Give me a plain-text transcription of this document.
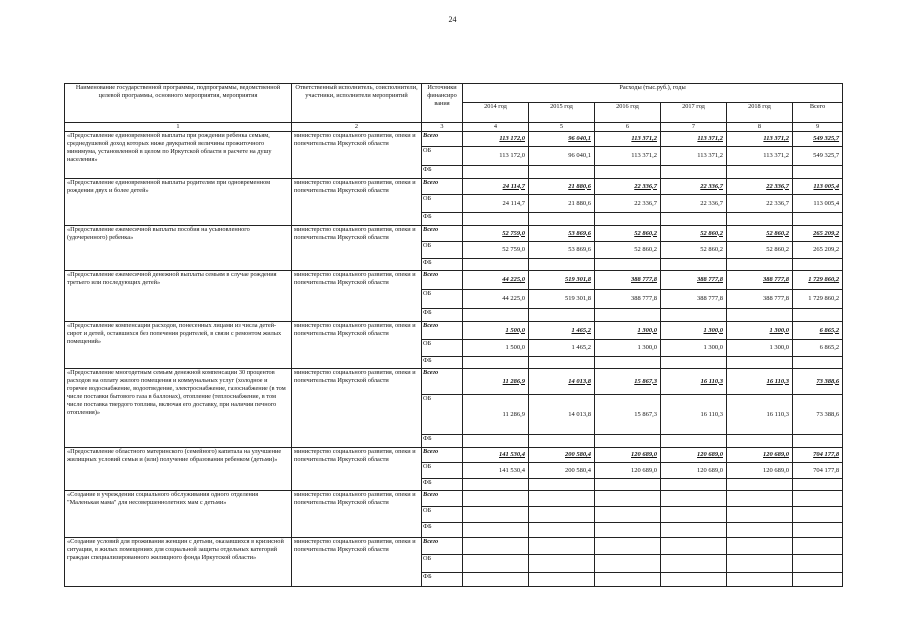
24
Наименование государственной программы, подпрограммы, ведомственной целевой программы, основного мероприятия, мероприятия	Ответственный исполнитель, соисполнители, участники, исполнители мероприятий	Источники финансиро вания	Расходы (тыс.руб.), годы					
			2014 год	2015 год	2016 год	2017 год	2018 год	Всего
1	2	3	4	5	6	7	8	9
«Предоставление единовременной выплаты при рождении ребенка семьям, среднедушевой доход которых ниже двукратной величины прожиточного минимума, установленной в целом по Иркутской области в расчете на душу населения»	министерство социального развития, опеки и попечительства Иркутской области	Всего	113 172,0	96 040,1	113 371,2	113 371,2	113 371,2	549 325,7
		ОБ	113 172,0	96 040,1	113 371,2	113 371,2	113 371,2	549 325,7
		ФБ						
«Предоставление единовременной выплаты родителям при одновременном рождении двух и более детей»	министерство социального развития, опеки и попечительства Иркутской области	Всего	24 114,7	21 880,6	22 336,7	22 336,7	22 336,7	113 005,4
		ОБ	24 114,7	21 880,6	22 336,7	22 336,7	22 336,7	113 005,4
		ФБ						
«Предоставление ежемесячной выплаты пособия на усыновленного (удочеренного) ребенка»	министерство социального развития, опеки и попечительства Иркутской области	Всего	52 759,0	53 869,6	52 860,2	52 860,2	52 860,2	265 209,2
		ОБ	52 759,0	53 869,6	52 860,2	52 860,2	52 860,2	265 209,2
		ФБ						
«Предоставление ежемесячной денежной выплаты семьям в случае рождения третьего или последующих детей»	министерство социального развития, опеки и попечительства Иркутской области	Всего	44 225,0	519 301,8	388 777,8	388 777,8	388 777,8	1 729 860,2
		ОБ	44 225,0	519 301,8	388 777,8	388 777,8	388 777,8	1 729 860,2
		ФБ						
«Предоставление компенсации расходов, понесенных лицами из числа детей-сирот и детей, оставшихся без попечения родителей, в связи с ремонтом жилых помещений»	министерство социального развития, опеки и попечительства Иркутской области	Всего	1 500,0	1 465,2	1 300,0	1 300,0	1 300,0	6 865,2
		ОБ	1 500,0	1 465,2	1 300,0	1 300,0	1 300,0	6 865,2
		ФБ						
«Предоставление многодетным семьям денежной компенсации 30 процентов расходов на оплату жилого помещения и коммунальных услуг (холодное и горячее водоснабжение, водоотведение, электроснабжение, газоснабжение (в том числе поставки бытового газа в баллонах), отопление (теплоснабжение, в том числе поставка твердого топлива, включая его доставку, при наличии печного отопления)»	министерство социального развития, опеки и попечительства Иркутской области	Всего	11 286,9	14 013,8	15 867,3	16 110,3	16 110,3	73 388,6
		ОБ	11 286,9	14 013,8	15 867,3	16 110,3	16 110,3	73 388,6
		ФБ						
«Предоставление областного материнского (семейного) капитала на улучшение жилищных условий семьи и (или) получение образования ребенком (детьми)»	министерство социального развития, опеки и попечительства Иркутской области	Всего	141 530,4	200 580,4	120 689,0	120 689,0	120 689,0	704 177,8
		ОБ	141 530,4	200 580,4	120 689,0	120 689,0	120 689,0	704 177,8
		ФБ						
«Создание в учреждении социального обслуживания одного отделения "Маленькая мама" для несовершеннолетних мам с детьми»	министерство социального развития, опеки и попечительства Иркутской области	Всего						
		ОБ						
		ФБ						
«Создание условий для проживания женщин с детьми, оказавшихся в кризисной ситуации, в жилых помещениях для социальной защиты отдельных категорий граждан специализированного жилищного фонда Иркутской области»	министерство социального развития, опеки и попечительства Иркутской области	Всего						
		ОБ						
		ФБ						
